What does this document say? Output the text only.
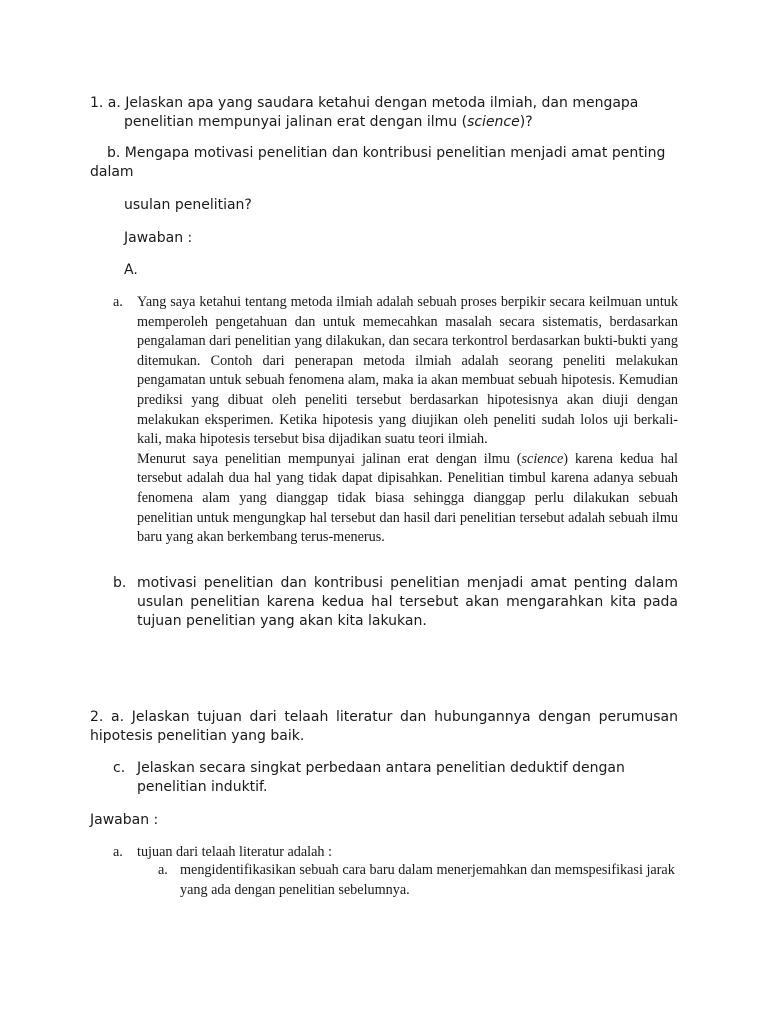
1. a. Jelaskan apa yang saudara ketahui dengan metoda ilmiah, dan mengapa
penelitian mempunyai jalinan erat dengan ilmu (science)?
b. Mengapa motivasi penelitian dan kontribusi penelitian menjadi amat penting
dalam
usulan penelitian?
Jawaban :
A.
a. Yang saya ketahui tentang metoda ilmiah adalah sebuah proses berpikir secara keilmuan untuk memperoleh pengetahuan dan untuk memecahkan masalah secara sistematis, berdasarkan pengalaman dari penelitian yang dilakukan, dan secara terkontrol berdasarkan bukti-bukti yang ditemukan. Contoh dari penerapan metoda ilmiah adalah seorang peneliti melakukan pengamatan untuk sebuah fenomena alam, maka ia akan membuat sebuah hipotesis. Kemudian prediksi yang dibuat oleh peneliti tersebut berdasarkan hipotesisnya akan diuji dengan melakukan eksperimen. Ketika hipotesis yang diujikan oleh peneliti sudah lolos uji berkali-kali, maka hipotesis tersebut bisa dijadikan suatu teori ilmiah.
Menurut saya penelitian mempunyai jalinan erat dengan ilmu (science) karena kedua hal tersebut adalah dua hal yang tidak dapat dipisahkan. Penelitian timbul karena adanya sebuah fenomena alam yang dianggap tidak biasa sehingga dianggap perlu dilakukan sebuah penelitian untuk mengungkap hal tersebut dan hasil dari penelitian tersebut adalah sebuah ilmu baru yang akan berkembang terus-menerus.
b. motivasi penelitian dan kontribusi penelitian menjadi amat penting dalam usulan penelitian karena kedua hal tersebut akan mengarahkan kita pada tujuan penelitian yang akan kita lakukan.
2. a. Jelaskan tujuan dari telaah literatur dan hubungannya dengan perumusan hipotesis penelitian yang baik.
c. Jelaskan secara singkat perbedaan antara penelitian deduktif dengan penelitian induktif.
Jawaban :
a. tujuan dari telaah literatur adalah :
a. mengidentifikasikan sebuah cara baru dalam menerjemahkan dan memspesifikasi jarak yang ada dengan penelitian sebelumnya.
